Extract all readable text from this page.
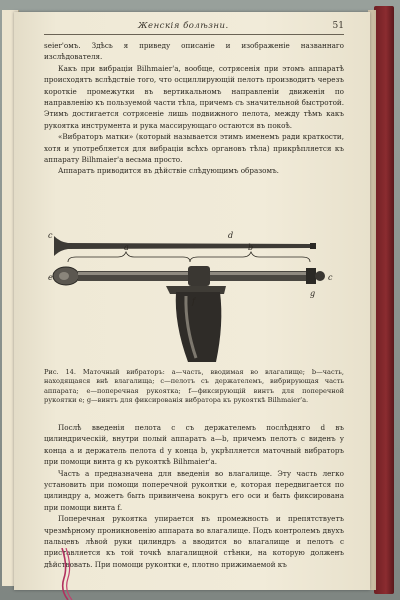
Женскія болѣзни.	51

seier'омъ. Здѣсь я приведу описаніе и изображеніе названнаго изслѣдователя.

Какъ при вибраціи Bilhmaier'а, вообще, сотрясенія при этомъ аппаратѣ происходятъ вслѣдствіе того, что осциллирующій пелотъ производитъ черезъ короткіе промежутки въ вертикальномъ направленіи движенія по направленію къ пользуемой части тѣла, причемъ съ значительной быстротой. Этимъ достигается сотрясеніе лишь подвижного пелота, между тѣмъ какъ рукоятка инструмента и рука массирующаго остаются въ покоѣ.

«Вибраторъ матки» (который называется этимъ именемъ ради краткости, хотя и употребляется для вибраціи всѣхъ органовъ тѣла) прикрѣпляется къ аппарату Bilhmaier'а весьма просто.

Аппаратъ приводится въ дѣйствіе слѣдующимъ образомъ.

c	d
a	b
e	c
g
f
Рис. 14. Маточный вибраторъ: a—часть, вводимая во влагалище; b—часть, находящаяся внѣ влагалища; c—пелотъ съ держателемъ, вибрирующая часть аппарата; e—поперечная рукоятка; f—фиксирующій винтъ для поперечной рукоятки e; g—винтъ для фиксированія вибратора къ рукояткѣ Bilhmaier'а.

Послѣ введенія пелота c съ держателемъ послѣдняго d въ цилиндрическій, внутри полый аппаратъ a—b, причемъ пелотъ c виденъ у конца a и держатель пелота d у конца b, укрѣпляется маточный вибраторъ при помощи винта g къ рукояткѣ Bilhmaier'а.

Часть a предназначена для введенія во влагалище. Эту часть легко установить при помощи поперечной рукоятки e, которая передвигается по цилиндру a, можетъ быть привинчена вокругъ его оси и быть фиксирована при помощи винта f.

Поперечная рукоятка упирается въ промежность и препятствуетъ чрезмѣрному проникновенію аппарата во влагалище. Подъ контролемъ двухъ пальцевъ лѣвой руки цилиндръ a вводится во влагалище и пелотъ c приставляется къ той точкѣ влагалищной стѣнки, на которую долженъ дѣйствовать. При помощи рукоятки e, плотно прижимаемой къ
